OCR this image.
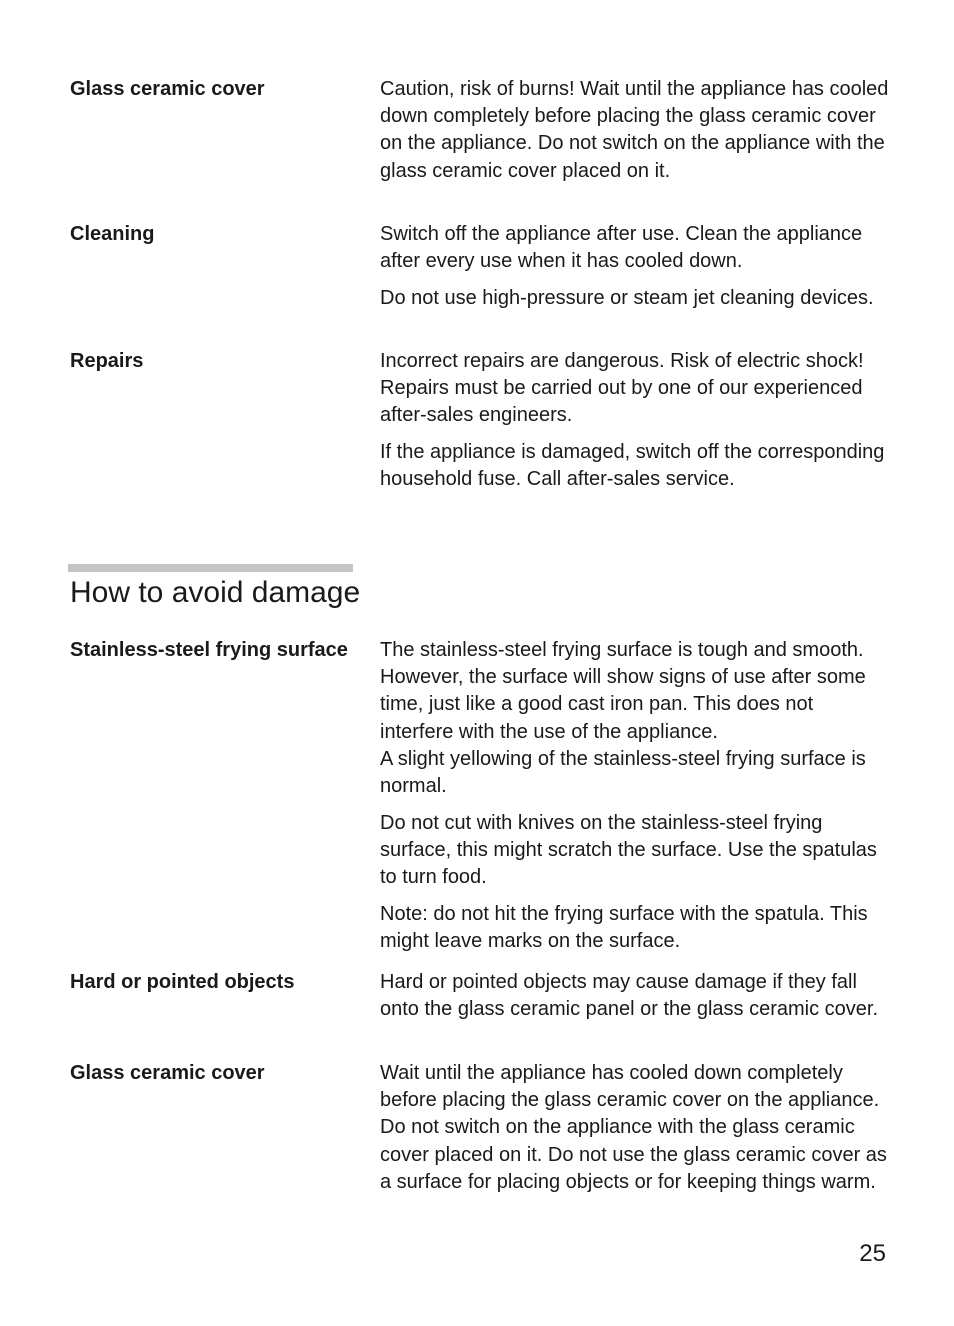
Glass ceramic cover	Caution, risk of burns! Wait until the appliance has cooled down completely before placing the glass ceramic cover on the appliance. Do not switch on the appliance with the glass ceramic cover placed on it.

Cleaning	Switch off the appliance after use. Clean the appliance after every use when it has cooled down.

Do not use high-pressure or steam jet cleaning devices.

Repairs	Incorrect repairs are dangerous. Risk of electric shock! Repairs must be carried out by one of our experienced after-sales engineers.

If the appliance is damaged, switch off the corresponding household fuse. Call after-sales service.

How to avoid damage
Stainless-steel frying surface	The stainless-steel frying surface is tough and smooth. However, the surface will show signs of use after some time, just like a good cast iron pan. This does not interfere with the use of the appliance.

A slight yellowing of the stainless-steel frying surface is normal.

Do not cut with knives on the stainless-steel frying surface, this might scratch the surface. Use the spatulas to turn food.

Note: do not hit the frying surface with the spatula. This might leave marks on the surface.

Hard or pointed objects	Hard or pointed objects may cause damage if they fall onto the glass ceramic panel or the glass ceramic cover.

Glass ceramic cover	Wait until the appliance has cooled down completely before placing the glass ceramic cover on the appliance. Do not switch on the appliance with the glass ceramic cover placed on it. Do not use the glass ceramic cover as a surface for placing objects or for keeping things warm.

25
